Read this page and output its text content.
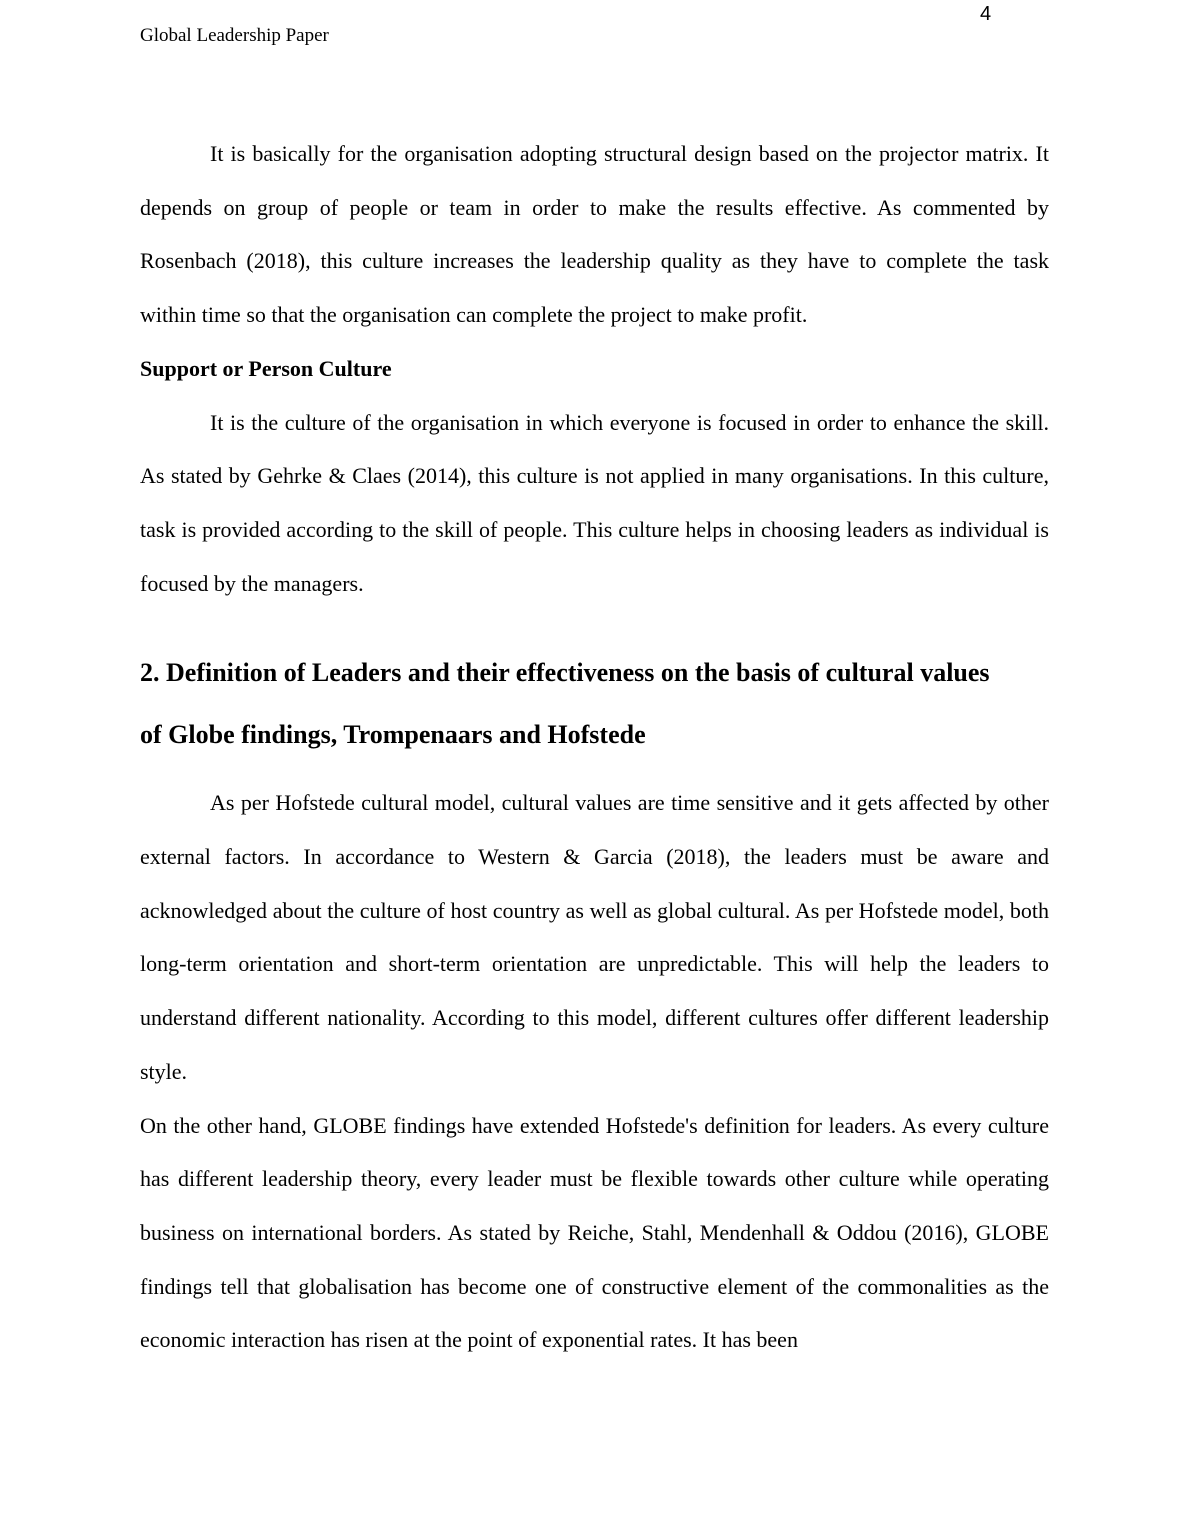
4
Global Leadership Paper

It is basically for the organisation adopting structural design based on the projector matrix. It depends on group of people or team in order to make the results effective. As commented by Rosenbach (2018), this culture increases the leadership quality as they have to complete the task within time so that the organisation can complete the project to make profit.

Support or Person Culture

It is the culture of the organisation in which everyone is focused in order to enhance the skill. As stated by Gehrke & Claes (2014), this culture is not applied in many organisations. In this culture, task is provided according to the skill of people. This culture helps in choosing leaders as individual is focused by the managers.

2. Definition of Leaders and their effectiveness on the basis of cultural values
of Globe findings, Trompenaars and Hofstede

As per Hofstede cultural model, cultural values are time sensitive and it gets affected by other external factors. In accordance to Western & Garcia (2018), the leaders must be aware and acknowledged about the culture of host country as well as global cultural. As per Hofstede model, both long-term orientation and short-term orientation are unpredictable. This will help the leaders to understand different nationality. According to this model, different cultures offer different leadership style.

On the other hand, GLOBE findings have extended Hofstede's definition for leaders. As every culture has different leadership theory, every leader must be flexible towards other culture while operating business on international borders. As stated by Reiche, Stahl, Mendenhall & Oddou (2016), GLOBE findings tell that globalisation has become one of constructive element of the commonalities as the economic interaction has risen at the point of exponential rates. It has been
